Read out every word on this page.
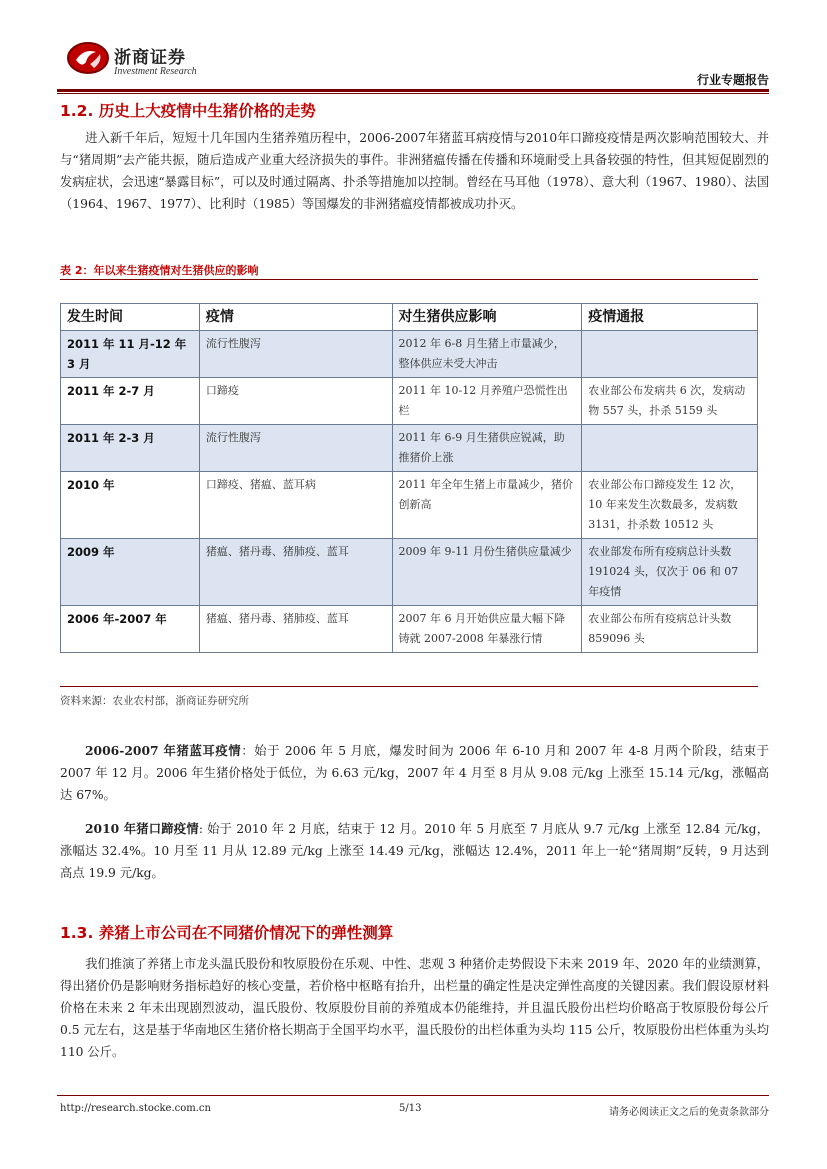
浙商证券
Investment Research
行业专题报告
1.2. 历史上大疫情中生猪价格的走势
进入新千年后，短短十几年国内生猪养殖历程中，2006-2007年猪蓝耳病疫情与2010年口蹄疫疫情是两次影响范围较大、并与“猪周期”去产能共振，随后造成产业重大经济损失的事件。非洲猪瘟传播在传播和环境耐受上具备较强的特性，但其短促剧烈的发病症状，会迅速“暴露目标”，可以及时通过隔离、扑杀等措施加以控制。曾经在马耳他（1978）、意大利（1967、1980）、法国（1964、1967、1977）、比利时（1985）等国爆发的非洲猪瘟疫情都被成功扑灭。
表 2：年以来生猪疫情对生猪供应的影响
发生时间	疫情	对生猪供应影响	疫情通报
2011 年 11 月-12 年 3 月	流行性腹泻	2012 年 6-8 月生猪上市量减少，整体供应未受大冲击	
2011 年 2-7 月	口蹄疫	2011 年 10-12 月养殖户恐慌性出栏	农业部公布发病共 6 次，发病动物 557 头，扑杀 5159 头
2011 年 2-3 月	流行性腹泻	2011 年 6-9 月生猪供应锐减，助推猪价上涨	
2010 年	口蹄疫、猪瘟、蓝耳病	2011 年全年生猪上市量减少，猪价创新高	农业部公布口蹄疫发生 12 次，10 年来发生次数最多，发病数 3131，扑杀数 10512 头
2009 年	猪瘟、猪丹毒、猪肺疫、蓝耳	2009 年 9-11 月份生猪供应量减少	农业部发布所有疫病总计头数 191024 头，仅次于 06 和 07 年疫情
2006 年-2007 年	猪瘟、猪丹毒、猪肺疫、蓝耳	2007 年 6 月开始供应量大幅下降铸就 2007-2008 年暴涨行情	农业部公布所有疫病总计头数859096 头
资料来源：农业农村部，浙商证券研究所
2006-2007 年猪蓝耳疫情：始于 2006 年 5 月底，爆发时间为 2006 年 6-10 月和 2007 年 4-8 月两个阶段，结束于 2007 年 12 月。2006 年生猪价格处于低位，为 6.63 元/kg，2007 年 4 月至 8 月从 9.08 元/kg 上涨至 15.14 元/kg，涨幅高达 67%。
2010 年猪口蹄疫情: 始于 2010 年 2 月底，结束于 12 月。2010 年 5 月底至 7 月底从 9.7 元/kg 上涨至 12.84 元/kg，涨幅达 32.4%。10 月至 11 月从 12.89 元/kg 上涨至 14.49 元/kg，涨幅达 12.4%，2011 年上一轮“猪周期”反转，9 月达到高点 19.9 元/kg。
1.3. 养猪上市公司在不同猪价情况下的弹性测算
我们推演了养猪上市龙头温氏股份和牧原股份在乐观、中性、悲观 3 种猪价走势假设下未来 2019 年、2020 年的业绩测算，得出猪价仍是影响财务指标趋好的核心变量，若价格中枢略有抬升，出栏量的确定性是决定弹性高度的关键因素。我们假设原材料价格在未来 2 年未出现剧烈波动，温氏股份、牧原股份目前的养殖成本仍能维持，并且温氏股份出栏均价略高于牧原股份每公斤 0.5 元左右，这是基于华南地区生猪价格长期高于全国平均水平，温氏股份的出栏体重为头均 115 公斤，牧原股份出栏体重为头均 110 公斤。
http://research.stocke.com.cn	5/13	请务必阅读正文之后的免责条款部分
